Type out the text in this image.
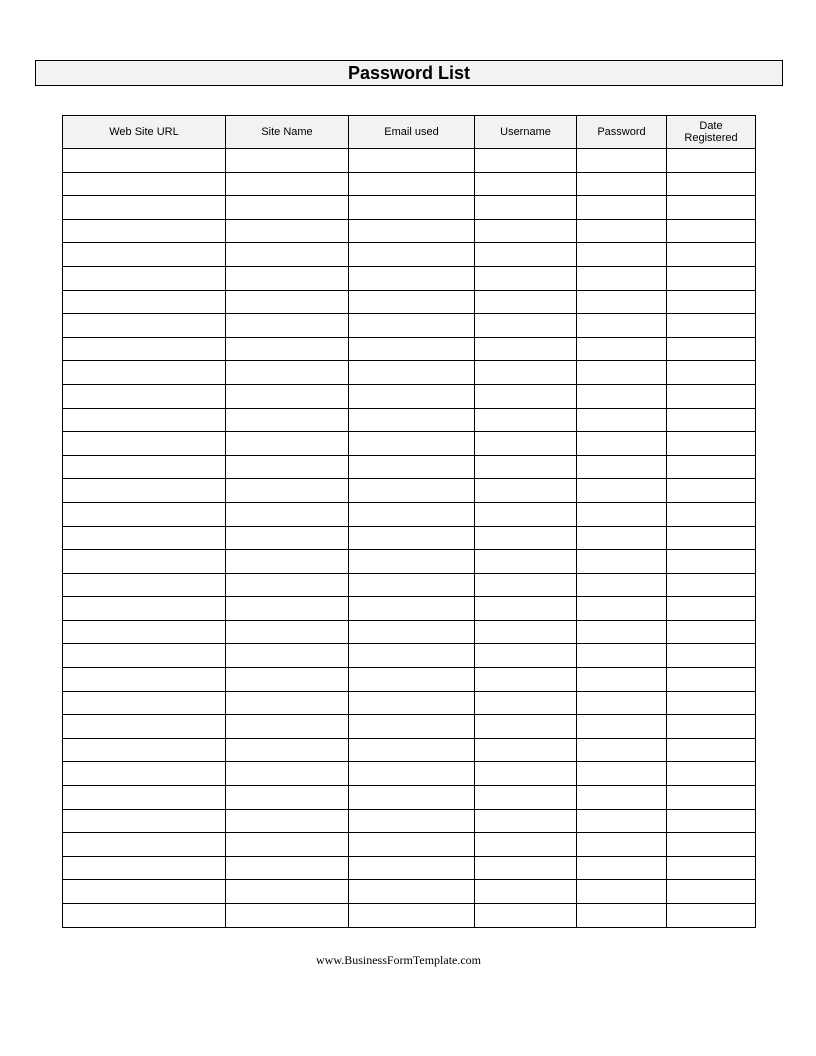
Password List
Web Site URL	Site Name	Email used	Username	Password	Date
Registered

www.BusinessFormTemplate.com
